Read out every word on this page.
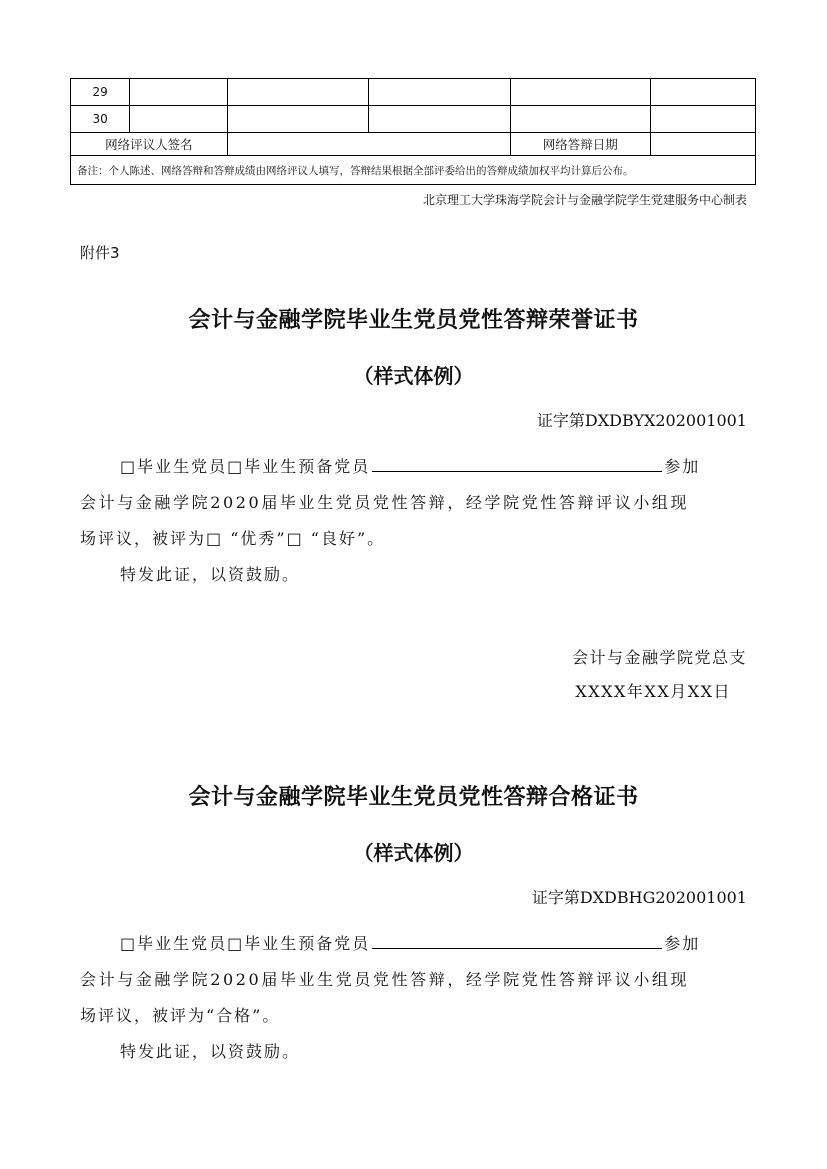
29					
30					
网络评议人签名				网络答辩日期	
备注：个人陈述、网络答辩和答辩成绩由网络评议人填写，答辩结果根据全部评委给出的答辩成绩加权平均计算后公布。					
北京理工大学珠海学院会计与金融学院学生党建服务中心制表
附件3
会计与金融学院毕业生党员党性答辩荣誉证书
（样式体例）
证字第DXDBYX202001001
□毕业生党员□毕业生预备党员	参加
会计与金融学院2020届毕业生党员党性答辩，经学院党性答辩评议小组现
场评议，被评为□ “优秀”□ “良好”。
特发此证，以资鼓励。
会计与金融学院党总支
XXXX年XX月XX日
会计与金融学院毕业生党员党性答辩合格证书
（样式体例）
证字第DXDBHG202001001
□毕业生党员□毕业生预备党员	参加
会计与金融学院2020届毕业生党员党性答辩，经学院党性答辩评议小组现
场评议，被评为“合格”。
特发此证，以资鼓励。
